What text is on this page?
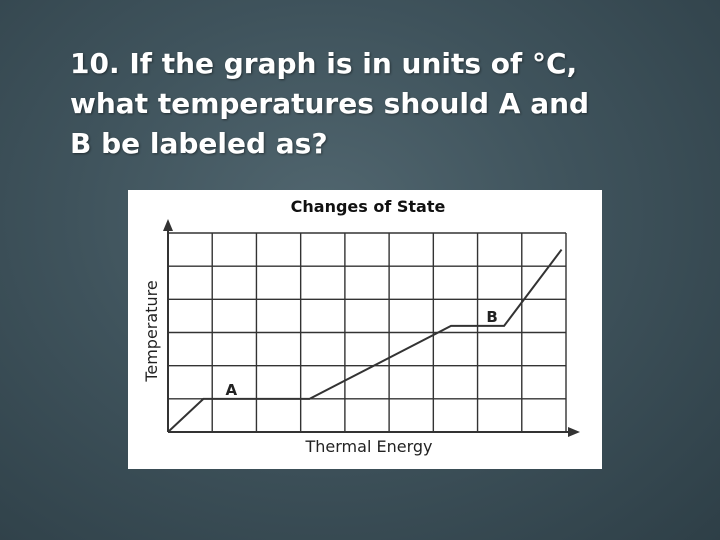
10. If the graph is in units of °C,
what temperatures should A and
B be labeled as?

Changes of State
Temperature
Thermal Energy
A
B
